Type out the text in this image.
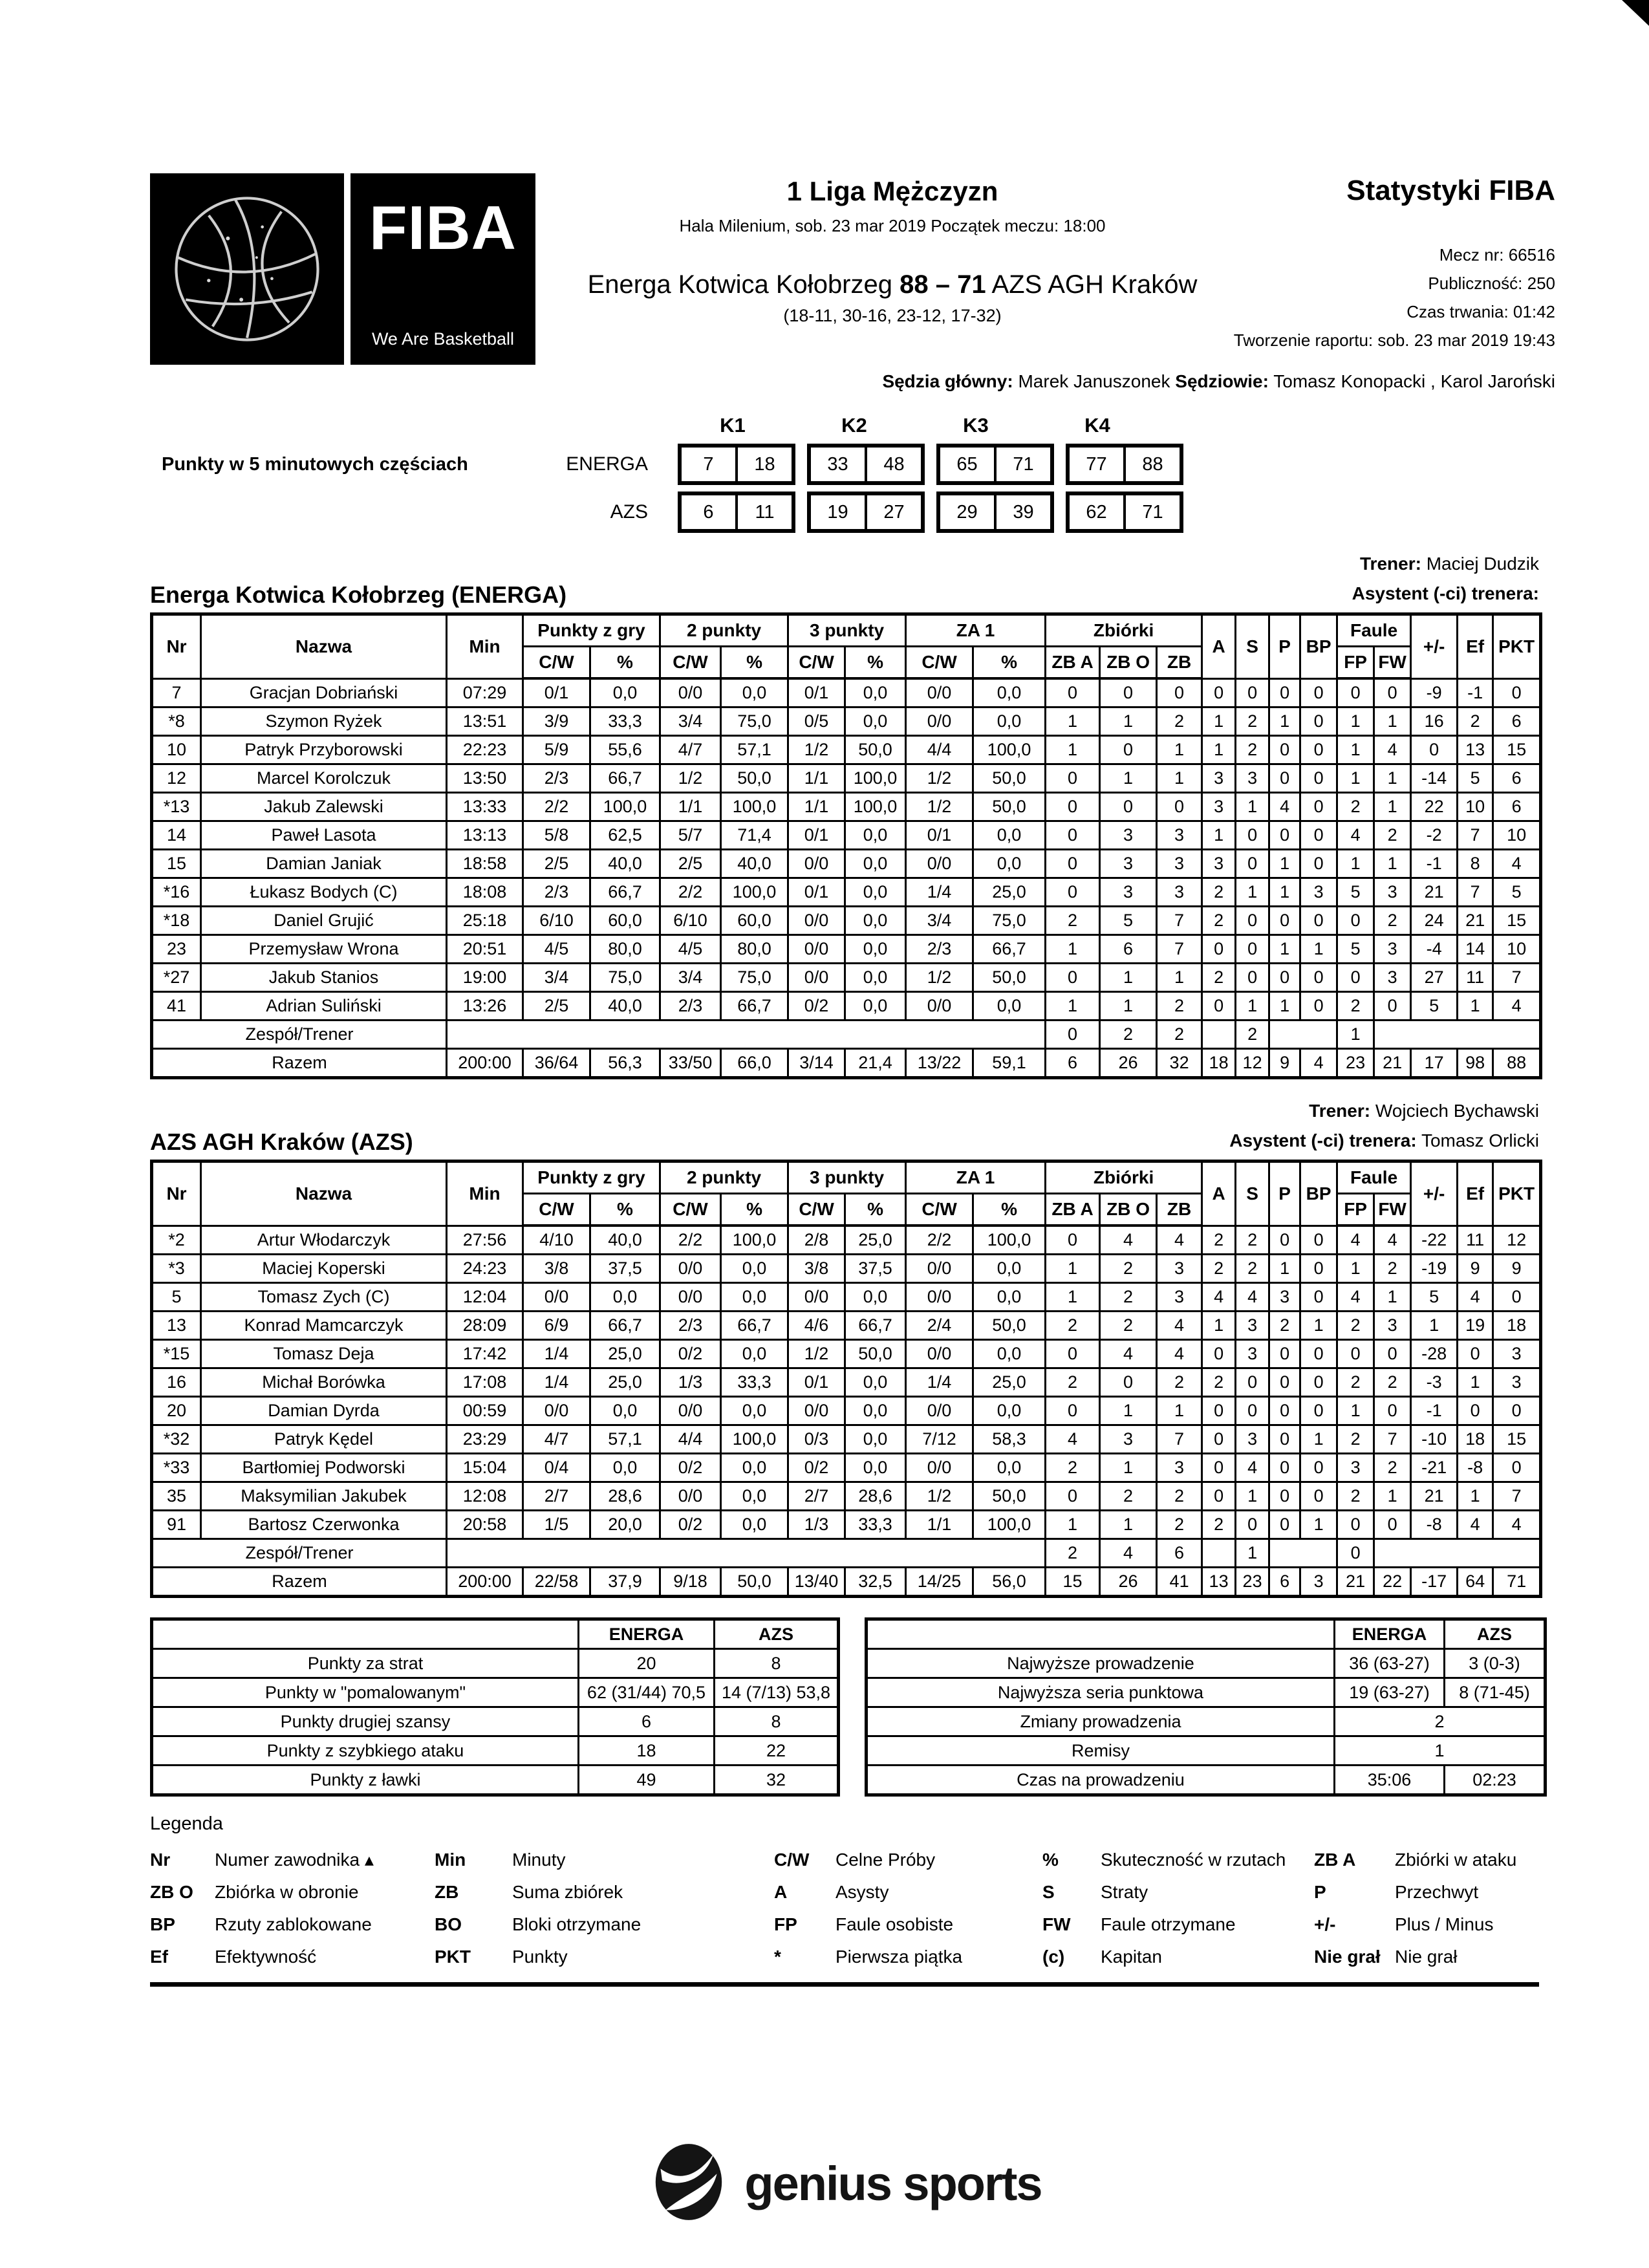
FIBA
We Are Basketball
1 Liga Mężczyzn
Hala Milenium, sob. 23 mar 2019 Początek meczu: 18:00
Energa Kotwica Kołobrzeg 88 – 71 AZS AGH Kraków
(18-11, 30-16, 23-12, 17-32)
Statystyki FIBA
Mecz nr: 66516
Publiczność: 250
Czas trwania: 01:42
Tworzenie raportu: sob. 23 mar 2019 19:43
Sędzia główny: Marek Januszonek Sędziowie: Tomasz Konopacki , Karol Jaroński
K1	K2	K3	K4
Punkty w 5 minutowych częściach	ENERGA	7	18	33	48	65	71	77	88
AZS	6	11	19	27	29	39	62	71
Energa Kotwica Kołobrzeg (ENERGA)
Trener: Maciej Dudzik
Asystent (-ci) trenera:
Nr	Nazwa	Min	Punkty z gry		2 punkty		3 punkty		ZA 1		Zbiórki			A	S	P	BP	Faule		+/-	Ef	PKT
			C/W	%	C/W	%	C/W	%	C/W	%	ZB A	ZB O	ZB					FP	FW			
7	Gracjan Dobriański	07:29	0/1	0,0	0/0	0,0	0/1	0,0	0/0	0,0	0	0	0	0	0	0	0	0	0	-9	-1	0
*8	Szymon Ryżek	13:51	3/9	33,3	3/4	75,0	0/5	0,0	0/0	0,0	1	1	2	1	2	1	0	1	1	16	2	6
10	Patryk Przyborowski	22:23	5/9	55,6	4/7	57,1	1/2	50,0	4/4	100,0	1	0	1	1	2	0	0	1	4	0	13	15
12	Marcel Korolczuk	13:50	2/3	66,7	1/2	50,0	1/1	100,0	1/2	50,0	0	1	1	3	3	0	0	1	1	-14	5	6
*13	Jakub Zalewski	13:33	2/2	100,0	1/1	100,0	1/1	100,0	1/2	50,0	0	0	0	3	1	4	0	2	1	22	10	6
14	Paweł Lasota	13:13	5/8	62,5	5/7	71,4	0/1	0,0	0/1	0,0	0	3	3	1	0	0	0	4	2	-2	7	10
15	Damian Janiak	18:58	2/5	40,0	2/5	40,0	0/0	0,0	0/0	0,0	0	3	3	3	0	1	0	1	1	-1	8	4
*16	Łukasz Bodych (C)	18:08	2/3	66,7	2/2	100,0	0/1	0,0	1/4	25,0	0	3	3	2	1	1	3	5	3	21	7	5
*18	Daniel Grujić	25:18	6/10	60,0	6/10	60,0	0/0	0,0	3/4	75,0	2	5	7	2	0	0	0	0	2	24	21	15
23	Przemysław Wrona	20:51	4/5	80,0	4/5	80,0	0/0	0,0	2/3	66,7	1	6	7	0	0	1	1	5	3	-4	14	10
*27	Jakub Stanios	19:00	3/4	75,0	3/4	75,0	0/0	0,0	1/2	50,0	0	1	1	2	0	0	0	0	3	27	11	7
41	Adrian Suliński	13:26	2/5	40,0	2/3	66,7	0/2	0,0	0/0	0,0	1	1	2	0	1	1	0	2	0	5	1	4
Zespół/Trener											0	2	2		2			1				
Razem		200:00	36/64	56,3	33/50	66,0	3/14	21,4	13/22	59,1	6	26	32	18	12	9	4	23	21	17	98	88
AZS AGH Kraków (AZS)
Trener: Wojciech Bychawski
Asystent (-ci) trenera: Tomasz Orlicki
Nr	Nazwa	Min	Punkty z gry		2 punkty		3 punkty		ZA 1		Zbiórki			A	S	P	BP	Faule		+/-	Ef	PKT
			C/W	%	C/W	%	C/W	%	C/W	%	ZB A	ZB O	ZB					FP	FW			
*2	Artur Włodarczyk	27:56	4/10	40,0	2/2	100,0	2/8	25,0	2/2	100,0	0	4	4	2	2	0	0	4	4	-22	11	12
*3	Maciej Koperski	24:23	3/8	37,5	0/0	0,0	3/8	37,5	0/0	0,0	1	2	3	2	2	1	0	1	2	-19	9	9
5	Tomasz Zych (C)	12:04	0/0	0,0	0/0	0,0	0/0	0,0	0/0	0,0	1	2	3	4	4	3	0	4	1	5	4	0
13	Konrad Mamcarczyk	28:09	6/9	66,7	2/3	66,7	4/6	66,7	2/4	50,0	2	2	4	1	3	2	1	2	3	1	19	18
*15	Tomasz Deja	17:42	1/4	25,0	0/2	0,0	1/2	50,0	0/0	0,0	0	4	4	0	3	0	0	0	0	-28	0	3
16	Michał Borówka	17:08	1/4	25,0	1/3	33,3	0/1	0,0	1/4	25,0	2	0	2	2	0	0	0	2	2	-3	1	3
20	Damian Dyrda	00:59	0/0	0,0	0/0	0,0	0/0	0,0	0/0	0,0	0	1	1	0	0	0	0	1	0	-1	0	0
*32	Patryk Kędel	23:29	4/7	57,1	4/4	100,0	0/3	0,0	7/12	58,3	4	3	7	0	3	0	1	2	7	-10	18	15
*33	Bartłomiej Podworski	15:04	0/4	0,0	0/2	0,0	0/2	0,0	0/0	0,0	2	1	3	0	4	0	0	3	2	-21	-8	0
35	Maksymilian Jakubek	12:08	2/7	28,6	0/0	0,0	2/7	28,6	1/2	50,0	0	2	2	0	1	0	0	2	1	21	1	7
91	Bartosz Czerwonka	20:58	1/5	20,0	0/2	0,0	1/3	33,3	1/1	100,0	1	1	2	2	0	0	1	0	0	-8	4	4
Zespół/Trener											2	4	6		1			0				
Razem		200:00	22/58	37,9	9/18	50,0	13/40	32,5	14/25	56,0	15	26	41	13	23	6	3	21	22	-17	64	71
	ENERGA	AZS
Punkty za strat	20	8
Punkty w "pomalowanym"	62 (31/44) 70,5	14 (7/13) 53,8
Punkty drugiej szansy	6	8
Punkty z szybkiego ataku	18	22
Punkty z ławki	49	32
	ENERGA	AZS
Najwyższe prowadzenie	36 (63-27)	3 (0-3)
Najwyższa seria punktowa	19 (63-27)	8 (71-45)
Zmiany prowadzenia	2	
Remisy	1	
Czas na prowadzeniu	35:06	02:23
Legenda
Nr	Numer zawodnika ▴
ZB O	Zbiórka w obronie
BP	Rzuty zablokowane
Ef	Efektywność
Min	Minuty
ZB	Suma zbiórek
BO	Bloki otrzymane
PKT	Punkty
C/W	Celne Próby
A	Asysty
FP	Faule osobiste
*	Pierwsza piątka
%	Skuteczność w rzutach
S	Straty
FW	Faule otrzymane
(c)	Kapitan
ZB A	Zbiórki w ataku
P	Przechwyt
+/-	Plus / Minus
Nie grał Nie grał
genius sports
